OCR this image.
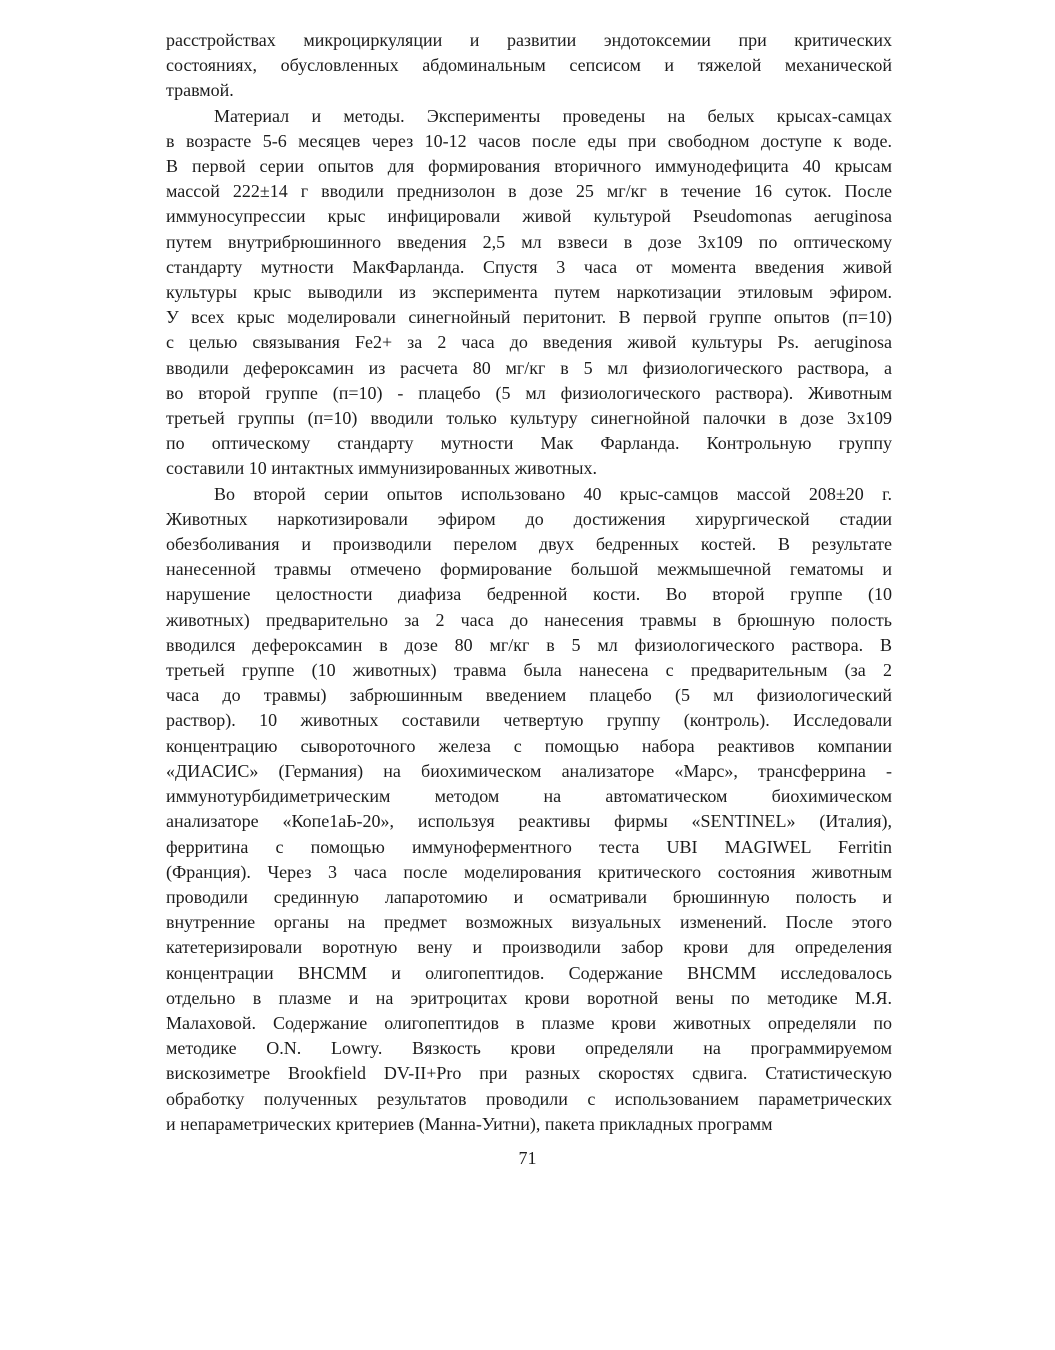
расстройствах микроциркуляции и развитии эндотоксемии при критических
состояниях, обусловленных абдоминальным сепсисом и тяжелой механической
травмой.
Материал и методы. Эксперименты проведены на белых крысах-самцах
в возрасте 5-6 месяцев через 10-12 часов после еды при свободном доступе к воде.
В первой серии опытов для формирования вторичного иммунодефицита 40 крысам
массой 222±14 г вводили преднизолон в дозе 25 мг/кг в течение 16 суток. После
иммуносупрессии крыс инфицировали живой культурой Pseudomonas aeruginosa
путем внутрибрюшинного введения 2,5 мл взвеси в дозе 3x109 по оптическому
стандарту мутности МакФарланда. Спустя 3 часа от момента введения живой
культуры крыс выводили из эксперимента путем наркотизации этиловым эфиром.
У всех крыс моделировали синегнойный перитонит. В первой группе опытов (п=10)
с целью связывания Fe2+ за 2 часа до введения живой культуры Ps. aeruginosa
вводили дефероксамин из расчета 80 мг/кг в 5 мл физиологического раствора, а
во второй группе (п=10) - плацебо (5 мл физиологического раствора). Животным
третьей группы (п=10) вводили только культуру синегнойной палочки в дозе 3x109
по оптическому стандарту мутности Мак Фарланда. Контрольную группу
составили 10 интактных иммунизированных животных.
Во второй серии опытов использовано 40 крыс-самцов массой 208±20 г.
Животных наркотизировали эфиром до достижения хирургической стадии
обезболивания и производили перелом двух бедренных костей. В результате
нанесенной травмы отмечено формирование большой межмышечной гематомы и
нарушение целостности диафиза бедренной кости. Во второй группе (10
животных) предварительно за 2 часа до нанесения травмы в брюшную полость
вводился дефероксамин в дозе 80 мг/кг в 5 мл физиологического раствора. В
третьей группе (10 животных) травма была нанесена с предварительным (за 2
часа до травмы) забрюшинным введением плацебо (5 мл физиологический
раствор). 10 животных составили четвертую группу (контроль). Исследовали
концентрацию сывороточного железа с помощью набора реактивов компании
«ДИАСИС» (Германия) на биохимическом анализаторе «Марс», трансферрина -
иммунотурбидиметрическим методом на автоматическом биохимическом
анализаторе «Копе1аЬ-20», используя реактивы фирмы «SENTINEL» (Италия),
ферритина с помощью иммуноферментного теста UBI MAGIWEL Ferritin
(Франция). Через 3 часа после моделирования критического состояния животным
проводили срединную лапаротомию и осматривали брюшинную полость и
внутренние органы на предмет возможных визуальных изменений. После этого
катетеризировали воротную вену и производили забор крови для определения
концентрации ВНСММ и олигопептидов. Содержание ВНСММ исследовалось
отдельно в плазме и на эритроцитах крови воротной вены по методике М.Я.
Малаховой. Содержание олигопептидов в плазме крови животных определяли по
методике O.N. Lowry. Вязкость крови определяли на программируемом
вискозиметре Brookfield DV-II+Pro при разных скоростях сдвига. Статистическую
обработку полученных результатов проводили с использованием параметрических
и непараметрических критериев (Манна-Уитни), пакета прикладных программ
71
